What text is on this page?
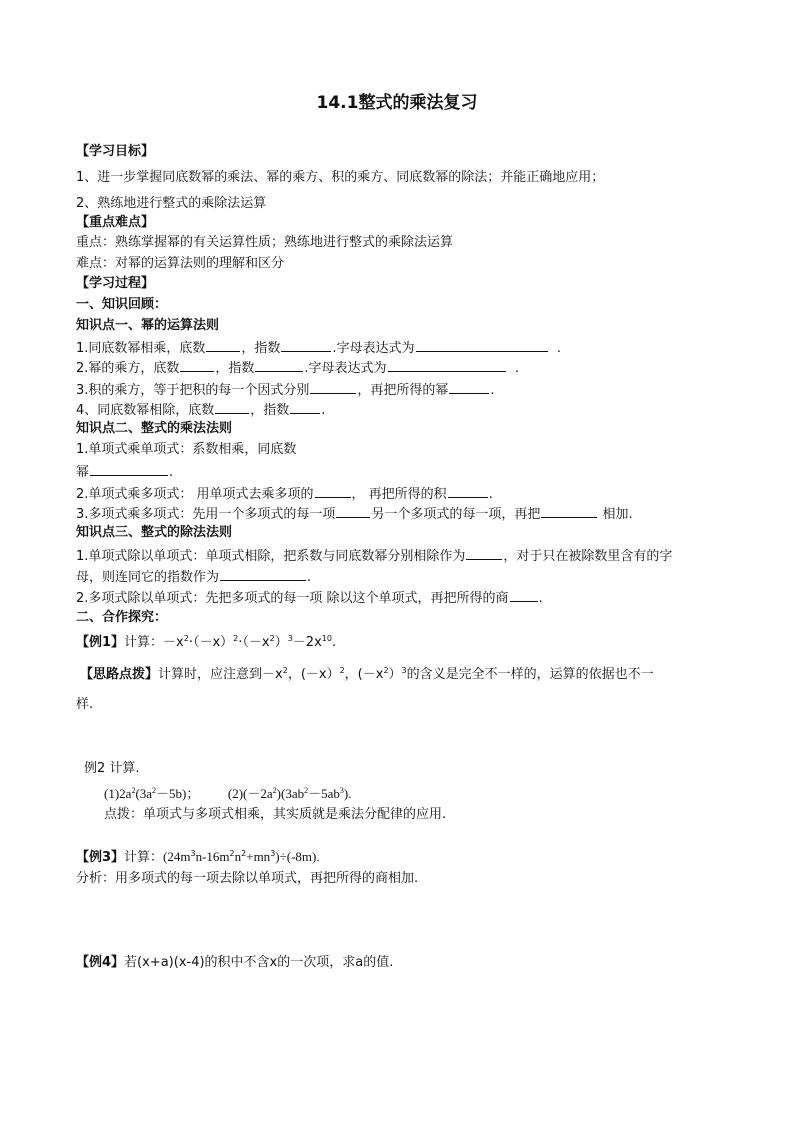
14.1整式的乘法复习
【学习目标】
1、进一步掌握同底数幂的乘法、幂的乘方、积的乘方、同底数幂的除法；并能正确地应用；
2、熟练地进行整式的乘除法运算
【重点难点】
重点：熟练掌握幂的有关运算性质；熟练地进行整式的乘除法运算
难点：对幂的运算法则的理解和区分
【学习过程】
一、知识回顾：
知识点一、幂的运算法则
1.同底数幂相乘，底数	，指数	.字母表达式为	.
2.幂的乘方，底数	，指数	.字母表达式为	.
3.积的乘方，等于把积的每一个因式分别	，再把所得的幂	.
4、同底数幂相除，底数	，指数 .
知识点二、整式的乘法法则
1.单项式乘单项式：系数相乘，同底数
幂	.
2.单项式乘多项式： 用单项式去乘多项的	， 再把所得的积	.
3.多项式乘多项式：先用一个多项式的每一项	另一个多项式的每一项，再把	相加.
知识点三、整式的除法法则
1.单项式除以单项式：单项式相除，把系数与同底数幂分别相除作为	，对于只在被除数里含有的字
母，则连同它的指数作为	.
2.多项式除以单项式：先把多项式的每一项 除以这个单项式，再把所得的商 .
二、合作探究：
【例1】计算：$-x^2\cdot(-x)^2\cdot(-x^2)^3-2x^{10}$.
【思路点拨】计算时，应注意到$-x^2$，(－x）$^2$，$(-x^2)^3$的含义是完全不一样的，运算的依据也不一
样.
例2 计算.
$(1)2a^2(3a^2-5b)$； $(2)(-2a^2)(3ab^2-5ab^3)$.
点拨：单项式与多项式相乘，其实质就是乘法分配律的应用.
【例3】计算：$(24m^3n-16m^2n^2+mn^3)\div(-8m)$.
分析：用多项式的每一项去除以单项式，再把所得的商相加.
【例4】若(x+a)(x-4)的积中不含x的一次项，求a的值.
